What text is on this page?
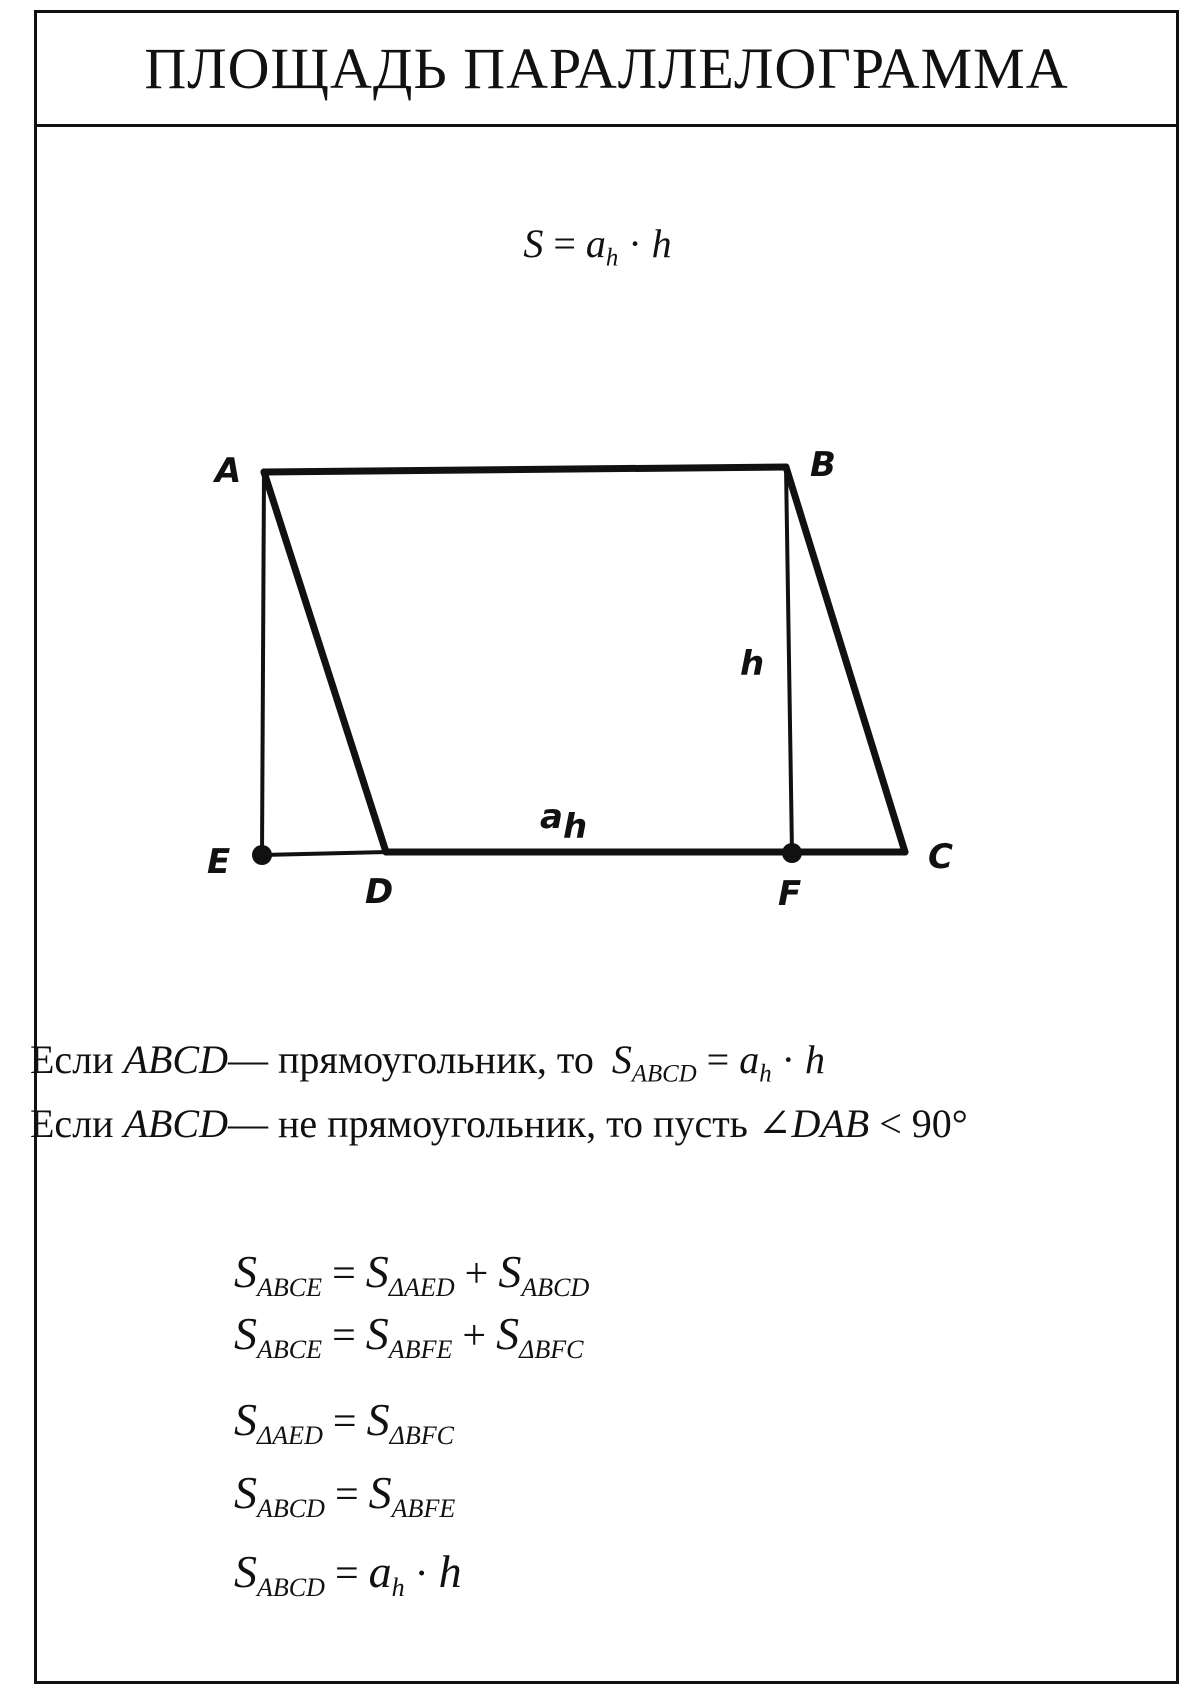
ПЛОЩАДЬ ПАРАЛЛЕЛОГРАММА
$S = a_h \cdot h$
A	B
C
D
E
F
h
ah
Если ABCD— прямоугольник, то $S_{ABCD} = a_h \cdot h$
Если ABCD— не прямоугольник, то пусть ∠DAB < 90°
$S_{ABCE} = S_{\Delta AED} + S_{ABCD}$
$S_{ABCE} = S_{ABFE} + S_{\Delta BFC}$
$S_{\Delta AED} = S_{\Delta BFC}$
$S_{ABCD} = S_{ABFE}$
$S_{ABCD} = a_h \cdot h$
